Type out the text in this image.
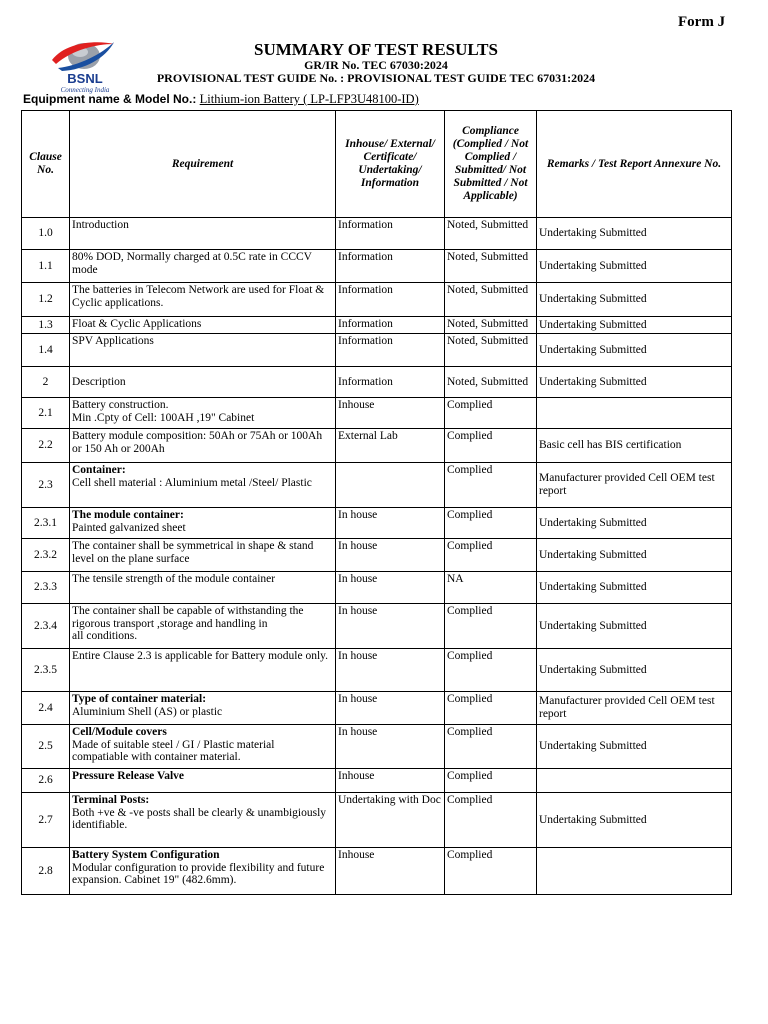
Form J
BSNL
Connecting India
SUMMARY OF TEST RESULTS
GR/IR No. TEC 67030:2024
PROVISIONAL TEST GUIDE No. : PROVISIONAL TEST GUIDE TEC 67031:2024
Equipment name & Model No.: Lithium-ion Battery ( LP-LFP3U48100-ID)
Clause No.	Requirement	Inhouse/ External/ Certificate/ Undertaking/ Information	Compliance (Complied / Not Complied / Submitted/ Not Submitted / Not Applicable)	Remarks / Test Report Annexure No.
1.0	Introduction	Information	Noted, Submitted	Undertaking Submitted
1.1	80% DOD, Normally charged at 0.5C rate in CCCV mode	Information	Noted, Submitted	Undertaking Submitted
1.2	The batteries in Telecom Network are used for Float & Cyclic applications.	Information	Noted, Submitted	Undertaking Submitted
1.3	Float & Cyclic Applications	Information	Noted, Submitted	Undertaking Submitted
1.4	SPV Applications	Information	Noted, Submitted	Undertaking Submitted
2	Description	Information	Noted, Submitted	Undertaking Submitted
2.1	Battery construction.
Min .Cpty of Cell: 100AH ,19" Cabinet	Inhouse	Complied	
2.2	Battery module composition: 50Ah or 75Ah or 100Ah or 150 Ah or 200Ah	External Lab	Complied	Basic cell has BIS certification
2.3	Container:
Cell shell material : Aluminium metal /Steel/ Plastic		Complied	Manufacturer provided Cell OEM test report
2.3.1	The module container:
Painted galvanized sheet	In house	Complied	Undertaking Submitted
2.3.2	The container shall be symmetrical in shape & stand level on the plane surface	In house	Complied	Undertaking Submitted
2.3.3	The tensile strength of the module container	In house	NA	Undertaking Submitted
2.3.4	The container shall be capable of withstanding the rigorous transport ,storage and handling in
all conditions.	In house	Complied	Undertaking Submitted
2.3.5	Entire Clause 2.3 is applicable for Battery module only.	In house	Complied	Undertaking Submitted
2.4	Type of container material:
Aluminium Shell (AS) or plastic	In house	Complied	Manufacturer provided Cell OEM test report
2.5	Cell/Module covers
Made of suitable steel / GI / Plastic material compatiable with container material.	In house	Complied	Undertaking Submitted
2.6	Pressure Release Valve	Inhouse	Complied	
2.7	Terminal Posts:
Both +ve & -ve posts shall be clearly & unambigiously identifiable.	Undertaking with Doc	Complied	Undertaking Submitted
2.8	Battery System Configuration
Modular configuration to provide flexibility and future expansion. Cabinet 19" (482.6mm).	Inhouse	Complied	
